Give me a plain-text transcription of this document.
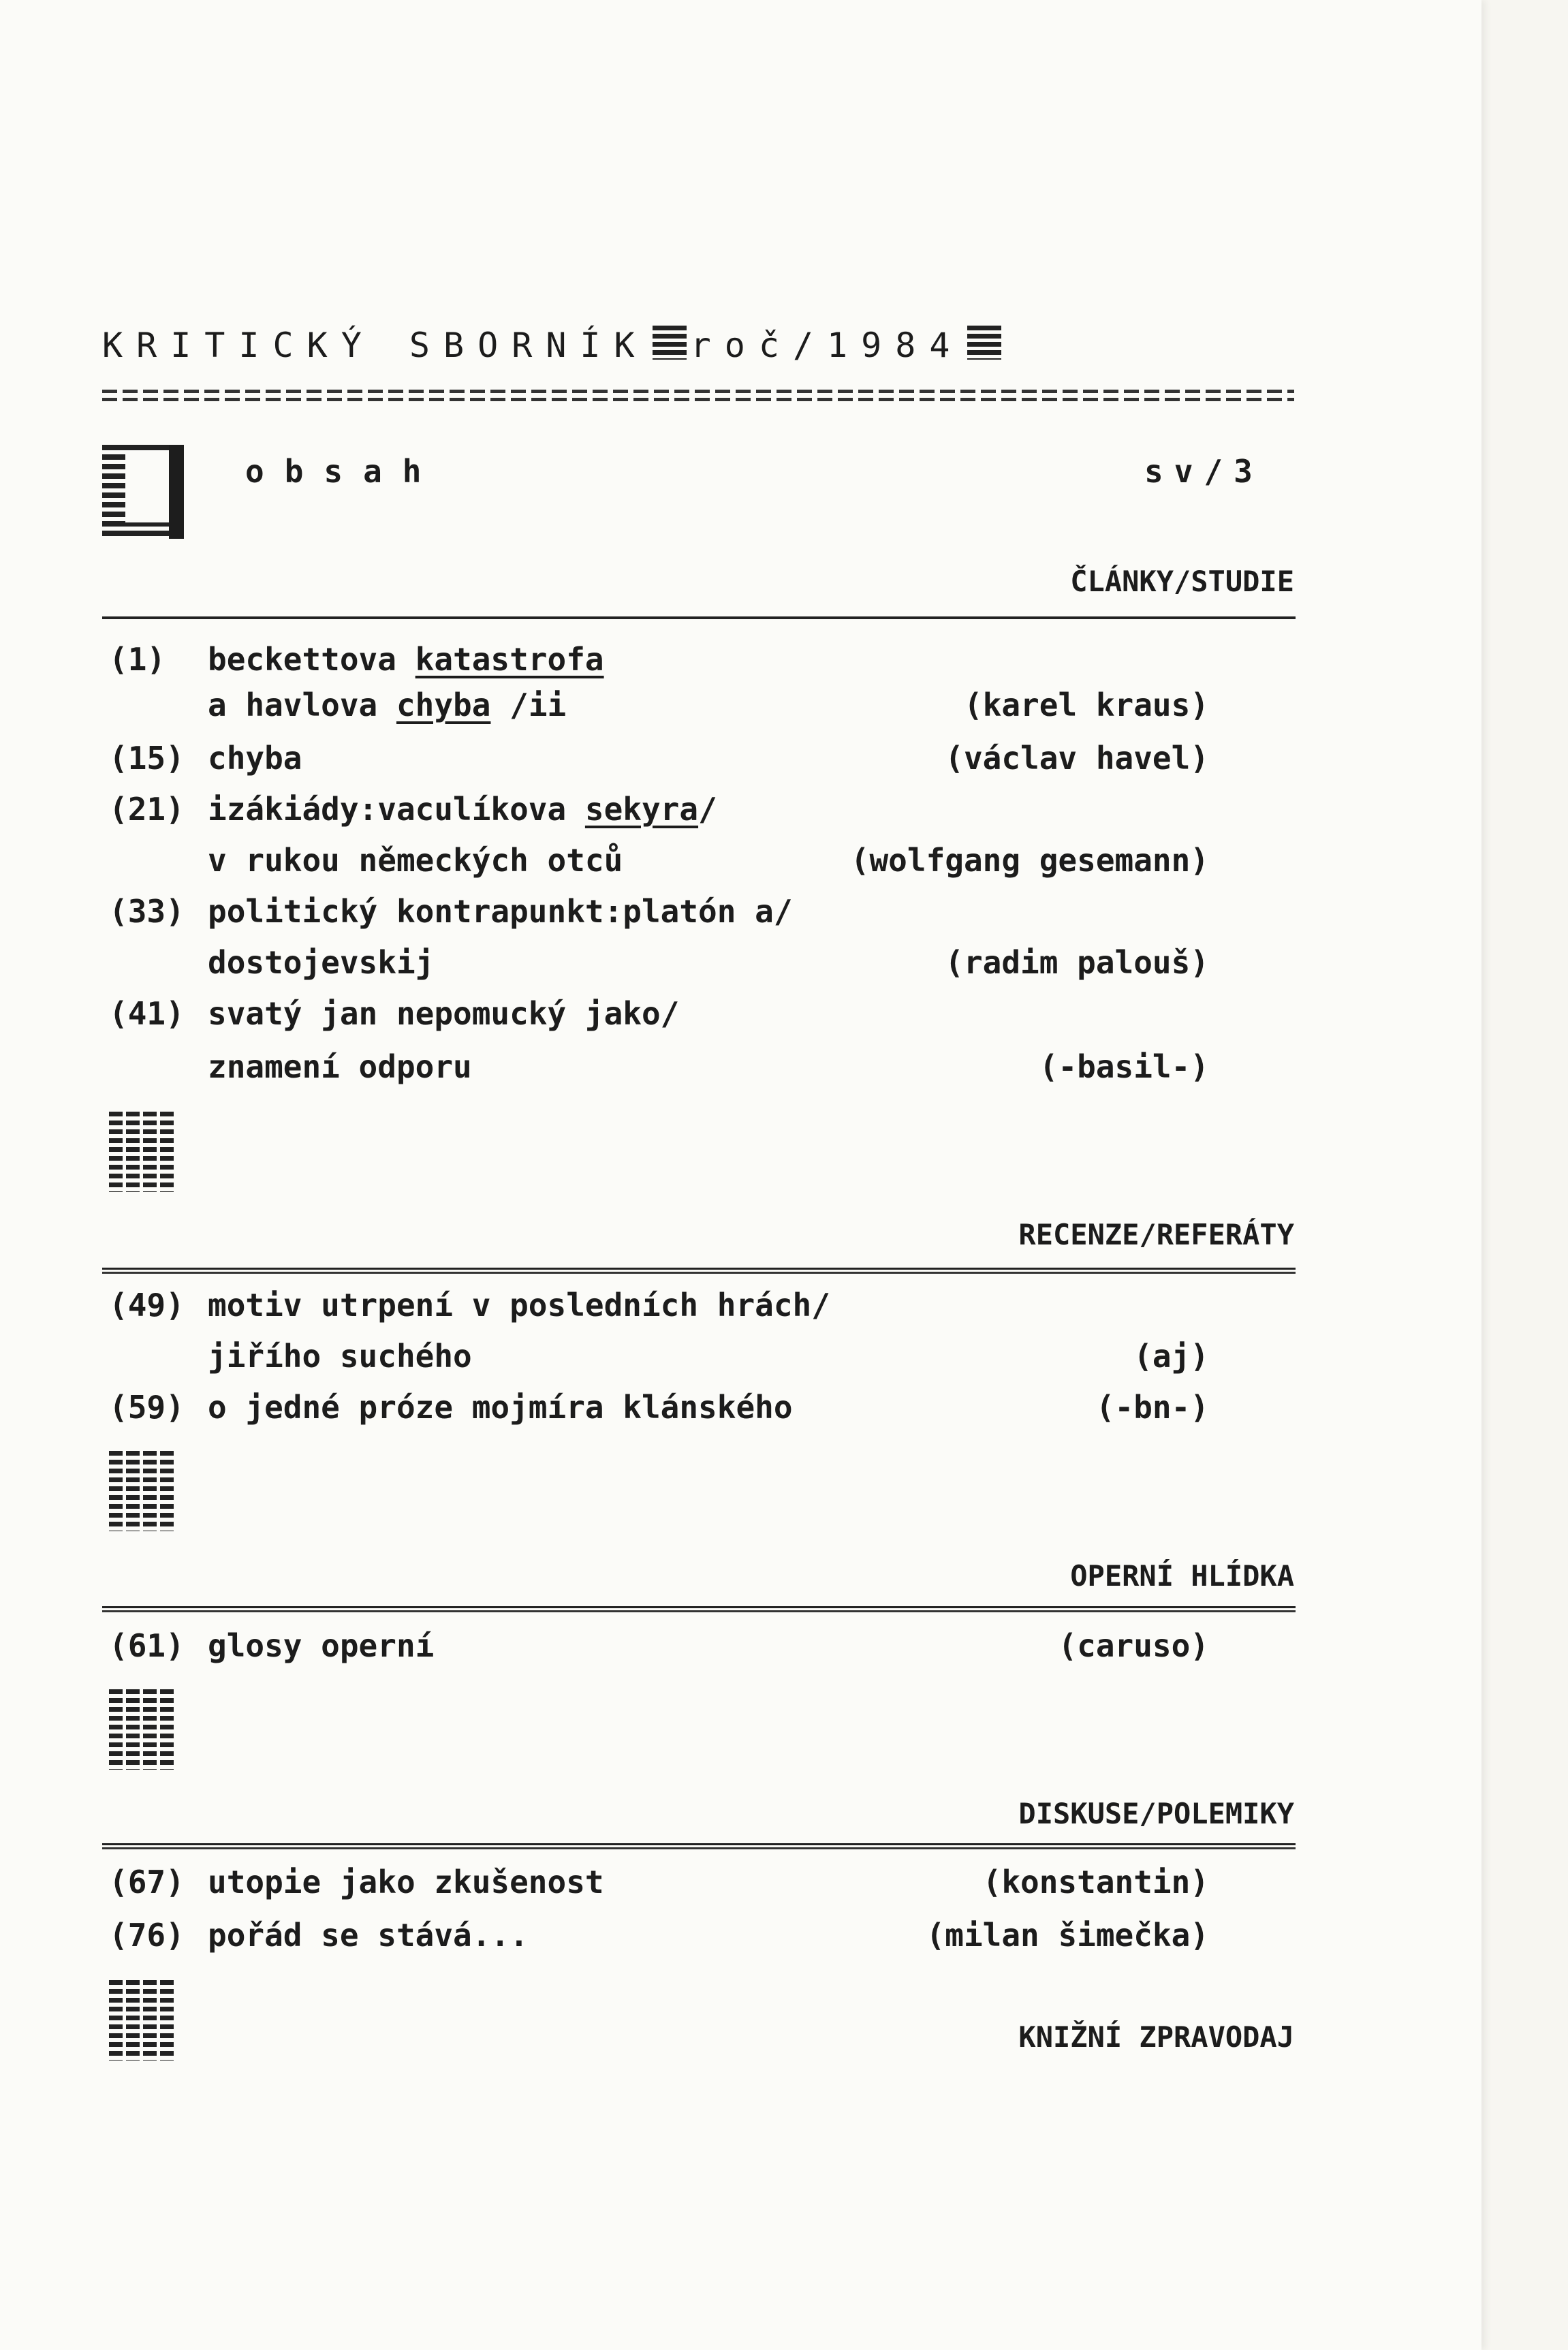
KRITICKÝ SBORNÍK roč/1984

obsah	sv/3
ČLÁNKY/STUDIE
(1) beckettova katastrofa
a havlova chyba /ii	(karel kraus)
(15) chyba	(václav havel)
(21) izákiády:vaculíkova sekyra/
v rukou německých otců	(wolfgang gesemann)
(33) politický kontrapunkt:platón a/
dostojevskij	(radim palouš)
(41) svatý jan nepomucký jako/
znamení odporu	(-basil-)
RECENZE/REFERÁTY
(49) motiv utrpení v posledních hrách/
jiřího suchého	(aj)
(59) o jedné próze mojmíra klánského	(-bn-)
OPERNÍ HLÍDKA
(61) glosy operní	(caruso)
DISKUSE/POLEMIKY
(67) utopie jako zkušenost	(konstantin)
(76) pořád se stává...	(milan šimečka)
KNIŽNÍ ZPRAVODAJ
